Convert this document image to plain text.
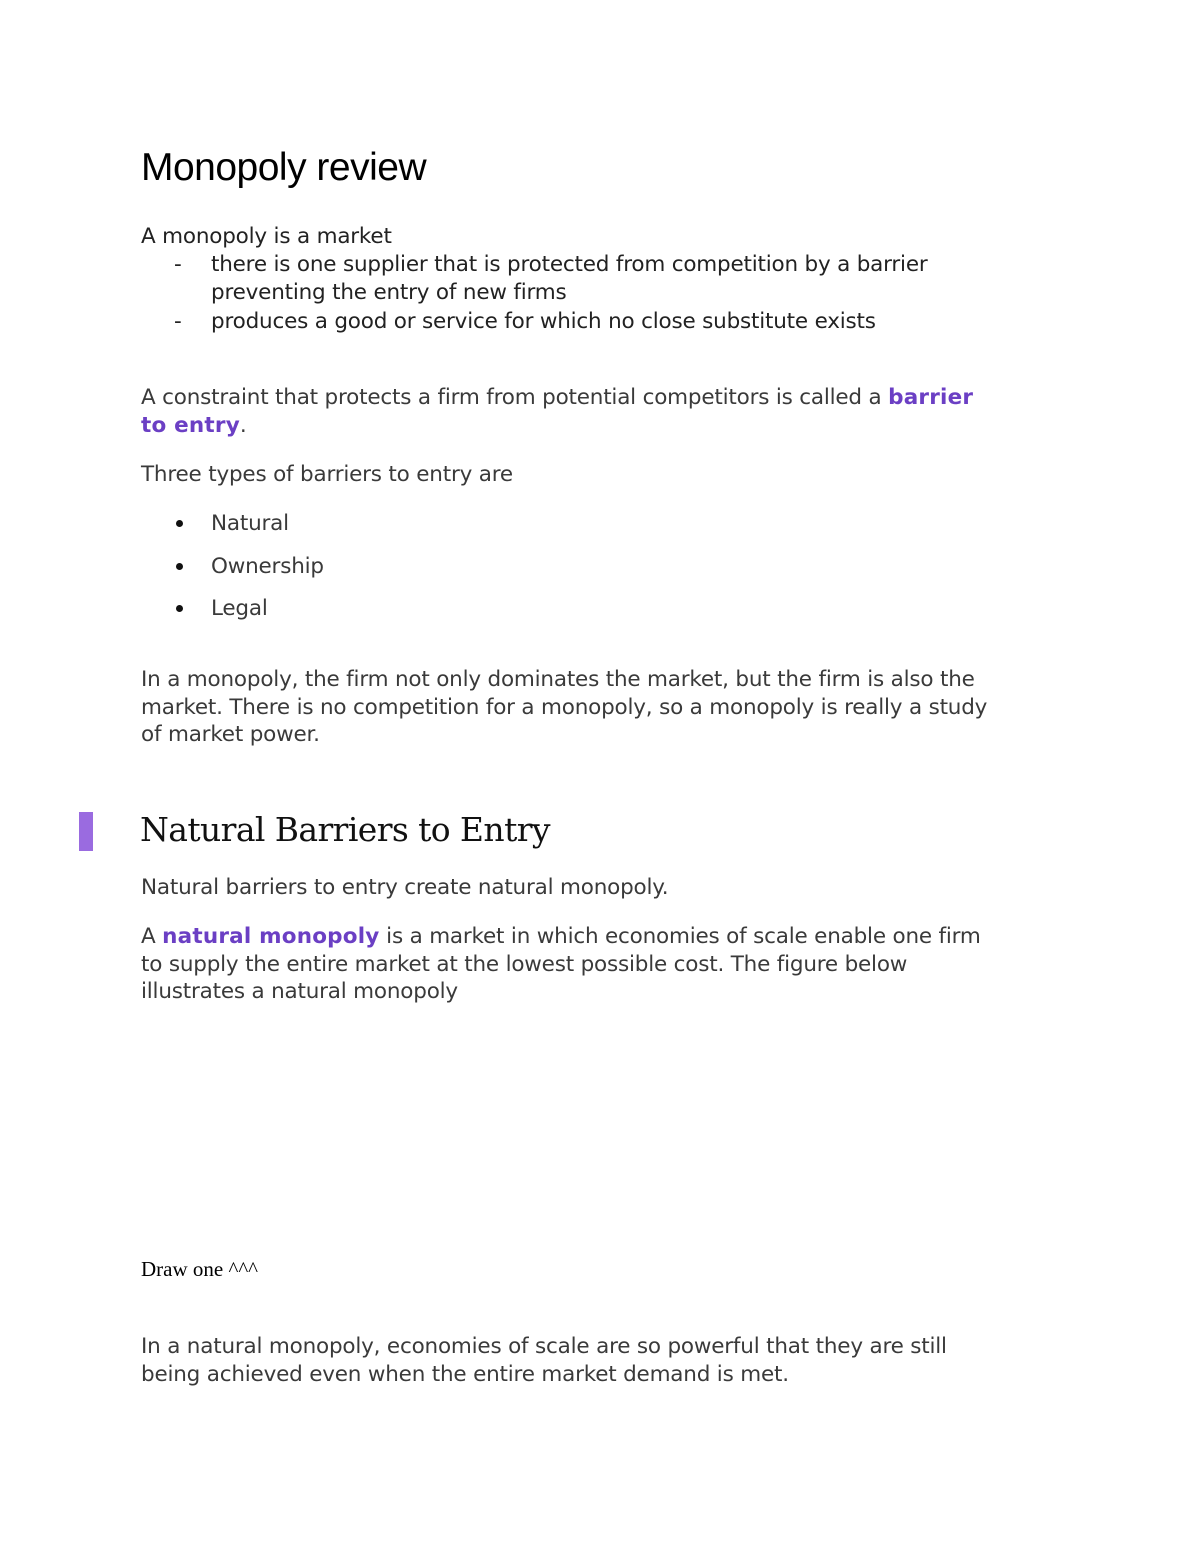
Monopoly review
A monopoly is a market
-	there is one supplier that is protected from competition by a barrier
preventing the entry of new firms
-	produces a good or service for which no close substitute exists
A constraint that protects a firm from potential competitors is called a barrier
to entry.
Three types of barriers to entry are
Natural
Ownership
Legal
In a monopoly, the firm not only dominates the market, but the firm is also the
market. There is no competition for a monopoly, so a monopoly is really a study
of market power.
Natural Barriers to Entry
Natural barriers to entry create natural monopoly.
A natural monopoly is a market in which economies of scale enable one firm
to supply the entire market at the lowest possible cost. The figure below
illustrates a natural monopoly
Draw one ^^^
In a natural monopoly, economies of scale are so powerful that they are still
being achieved even when the entire market demand is met.
